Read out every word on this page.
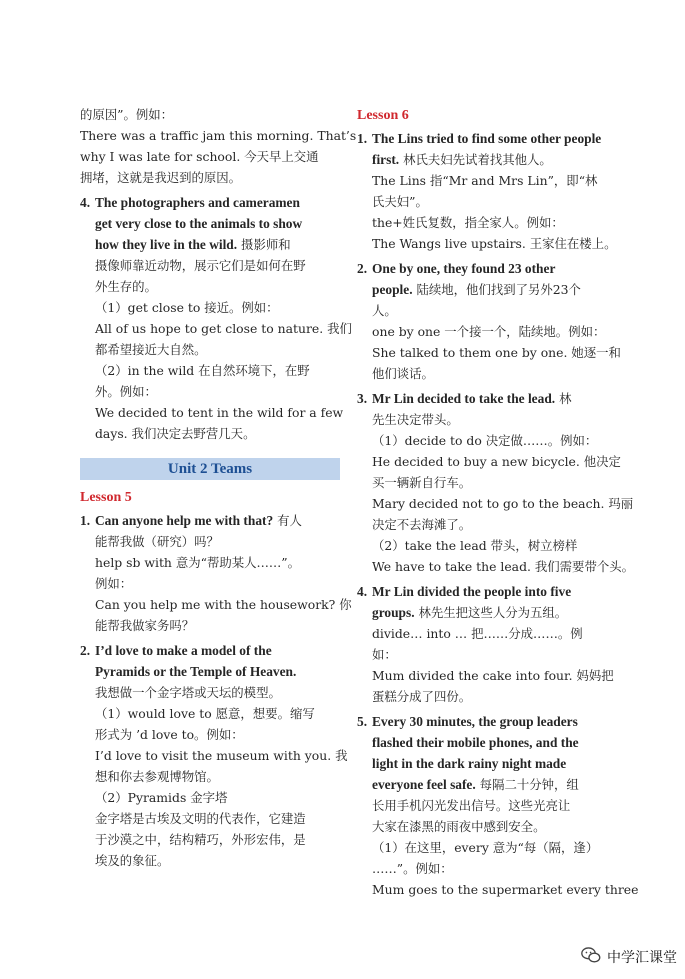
的原因”。例如：
There was a traffic jam this morning. That’s
why I was late for school. 今天早上交通
拥堵，这就是我迟到的原因。
4. The photographers and cameramen
get very close to the animals to show
how they live in the wild. 摄影师和
摄像师靠近动物，展示它们是如何在野
外生存的。
（1）get close to 接近。例如：
All of us hope to get close to nature. 我们
都希望接近大自然。
（2）in the wild 在自然环境下，在野
外。例如：
We decided to tent in the wild for a few
days. 我们决定去野营几天。
Unit 2 Teams
Lesson 5
1. Can anyone help me with that? 有人
能帮我做（研究）吗？
help sb with 意为“帮助某人……”。
例如：
Can you help me with the housework? 你
能帮我做家务吗？
2. I’d love to make a model of the
Pyramids or the Temple of Heaven.
我想做一个金字塔或天坛的模型。
（1）would love to 愿意，想要。缩写
形式为 ’d love to。例如：
I’d love to visit the museum with you. 我
想和你去参观博物馆。
（2）Pyramids 金字塔
金字塔是古埃及文明的代表作，它建造
于沙漠之中，结构精巧，外形宏伟，是
埃及的象征。
Lesson 6
1. The Lins tried to find some other people
first. 林氏夫妇先试着找其他人。
The Lins 指“Mr and Mrs Lin”，即“林
氏夫妇”。
the+姓氏复数，指全家人。例如：
The Wangs live upstairs. 王家住在楼上。
2. One by one, they found 23 other
people. 陆续地，他们找到了另外23个
人。
one by one 一个接一个，陆续地。例如：
She talked to them one by one. 她逐一和
他们谈话。
3. Mr Lin decided to take the lead. 林
先生决定带头。
（1）decide to do 决定做……。例如：
He decided to buy a new bicycle. 他决定
买一辆新自行车。
Mary decided not to go to the beach. 玛丽
决定不去海滩了。
（2）take the lead 带头，树立榜样
We have to take the lead. 我们需要带个头。
4. Mr Lin divided the people into five
groups. 林先生把这些人分为五组。
divide… into … 把……分成……。例
如：
Mum divided the cake into four. 妈妈把
蛋糕分成了四份。
5. Every 30 minutes, the group leaders
flashed their mobile phones, and the
light in the dark rainy night made
everyone feel safe. 每隔二十分钟，组
长用手机闪光发出信号。这些光亮让
大家在漆黑的雨夜中感到安全。
（1）在这里，every 意为“每（隔，逢）
……”。例如：
Mum goes to the supermarket every three
中学汇课堂
